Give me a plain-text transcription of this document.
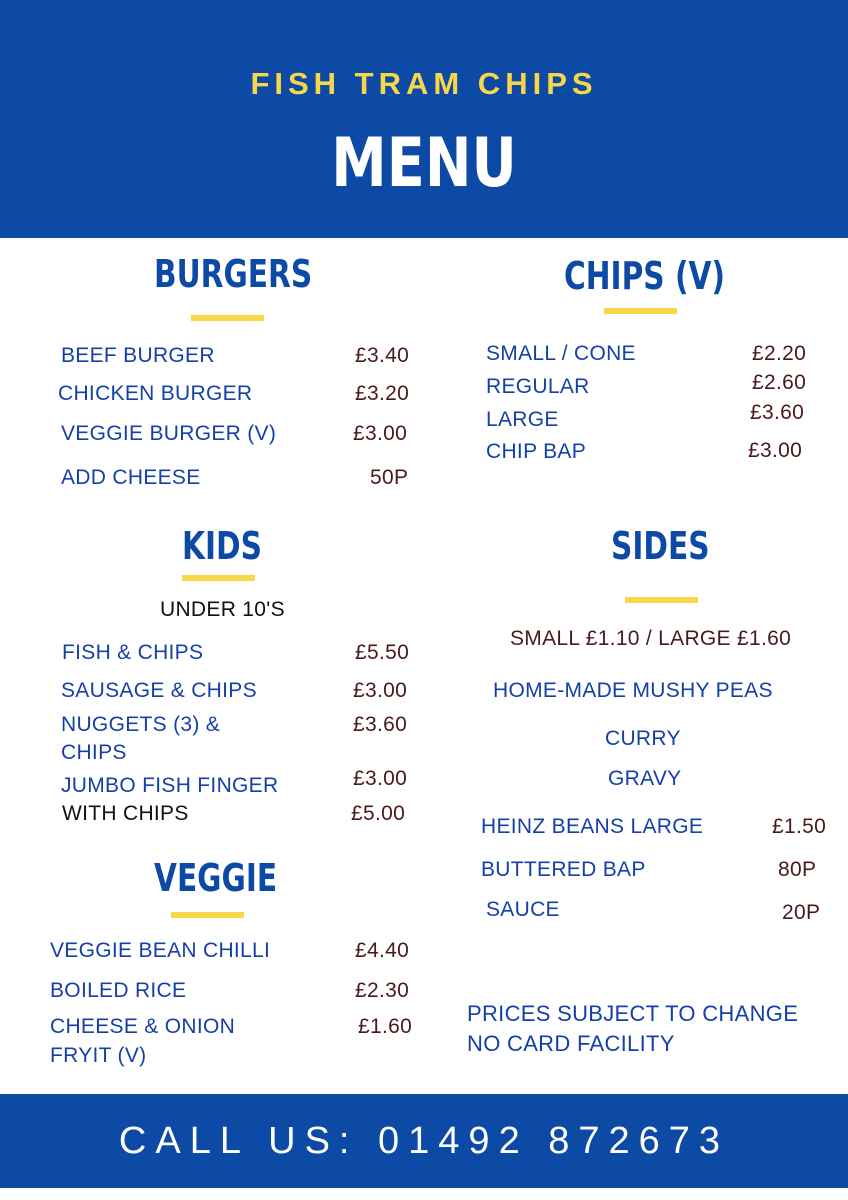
FISH TRAM CHIPS
MENU
BURGERS
BEEF BURGER	£3.40
CHICKEN BURGER	£3.20
VEGGIE BURGER (V)	£3.00
ADD CHEESE	50P
CHIPS (V)
SMALL / CONE	£2.20
REGULAR	£2.60
LARGE	£3.60
CHIP BAP	£3.00
KIDS
UNDER 10'S
FISH & CHIPS	£5.50
SAUSAGE & CHIPS	£3.00
NUGGETS (3) &
CHIPS
£3.60
JUMBO FISH FINGER	£3.00
WITH CHIPS	£5.00
SIDES
SMALL £1.10 / LARGE £1.60
HOME-MADE MUSHY PEAS
CURRY
GRAVY
HEINZ BEANS LARGE	£1.50
BUTTERED BAP	80P
SAUCE	20P
VEGGIE
VEGGIE BEAN CHILLI	£4.40
BOILED RICE	£2.30
CHEESE & ONION
FRYIT (V)
£1.60
PRICES SUBJECT TO CHANGE
NO CARD FACILITY
CALL US: 01492 872673
